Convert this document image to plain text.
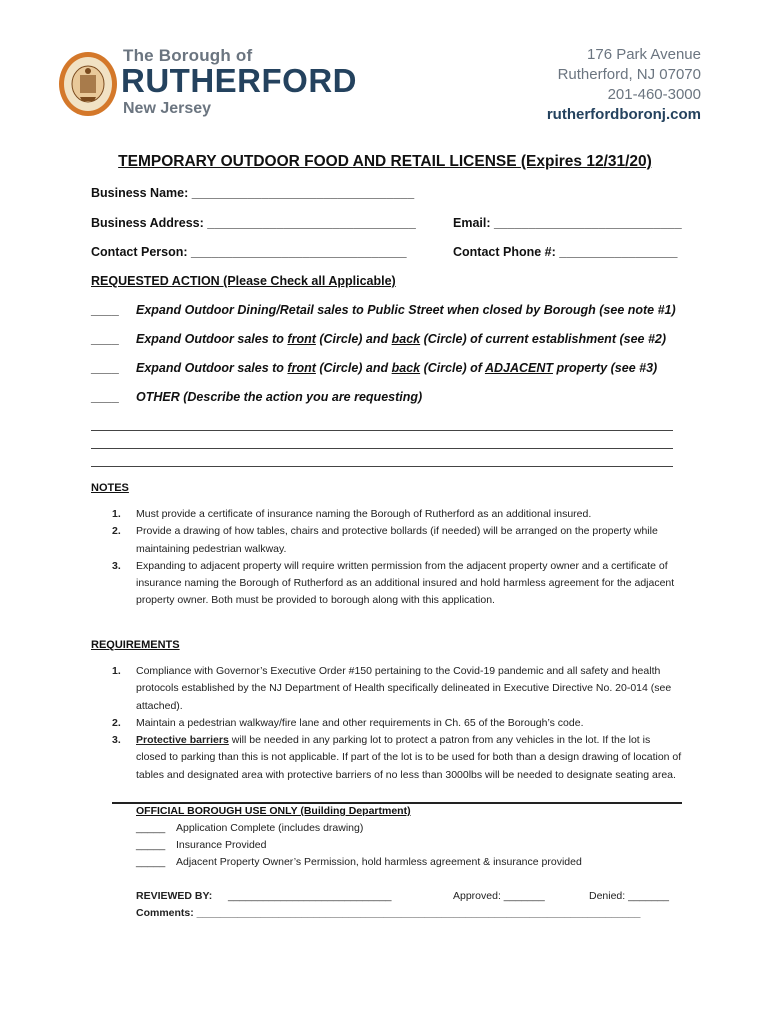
The Borough of
RUTHERFORD
New Jersey
176 Park Avenue
Rutherford, NJ 07070
201-460-3000
rutherfordboronj.com
TEMPORARY OUTDOOR FOOD AND RETAIL LICENSE (Expires 12/31/20)
Business Name: ________________________________
Business Address: ______________________________	Email: ___________________________
Contact Person: _______________________________	Contact Phone #: _________________
REQUESTED ACTION (Please Check all Applicable)
____ Expand Outdoor Dining/Retail sales to Public Street when closed by Borough (see note #1)
____ Expand Outdoor sales to front (Circle) and back (Circle) of current establishment (see #2)
____ Expand Outdoor sales to front (Circle) and back (Circle) of ADJACENT property (see #3)
____ OTHER (Describe the action you are requesting)
NOTES
1. Must provide a certificate of insurance naming the Borough of Rutherford as an additional insured.
2. Provide a drawing of how tables, chairs and protective bollards (if needed) will be arranged on the property while maintaining pedestrian walkway.
3. Expanding to adjacent property will require written permission from the adjacent property owner and a certificate of insurance naming the Borough of Rutherford as an additional insured and hold harmless agreement for the adjacent property owner. Both must be provided to borough along with this application.
REQUIREMENTS
1. Compliance with Governor’s Executive Order #150 pertaining to the Covid-19 pandemic and all safety and health protocols established by the NJ Department of Health specifically delineated in Executive Directive No. 20-014 (see attached).
2. Maintain a pedestrian walkway/fire lane and other requirements in Ch. 65 of the Borough’s code.
3. Protective barriers will be needed in any parking lot to protect a patron from any vehicles in the lot. If the lot is closed to parking than this is not applicable. If part of the lot is to be used for both than a design drawing of location of tables and designated area with protective barriers of no less than 3000lbs will be needed to designate seating area.
OFFICIAL BOROUGH USE ONLY (Building Department)
_____ Application Complete (includes drawing)
_____ Insurance Provided
_____ Adjacent Property Owner’s Permission, hold harmless agreement & insurance provided
REVIEWED BY: ____________________________	Approved: _______	Denied: _______
Comments: ____________________________________________________________________________
